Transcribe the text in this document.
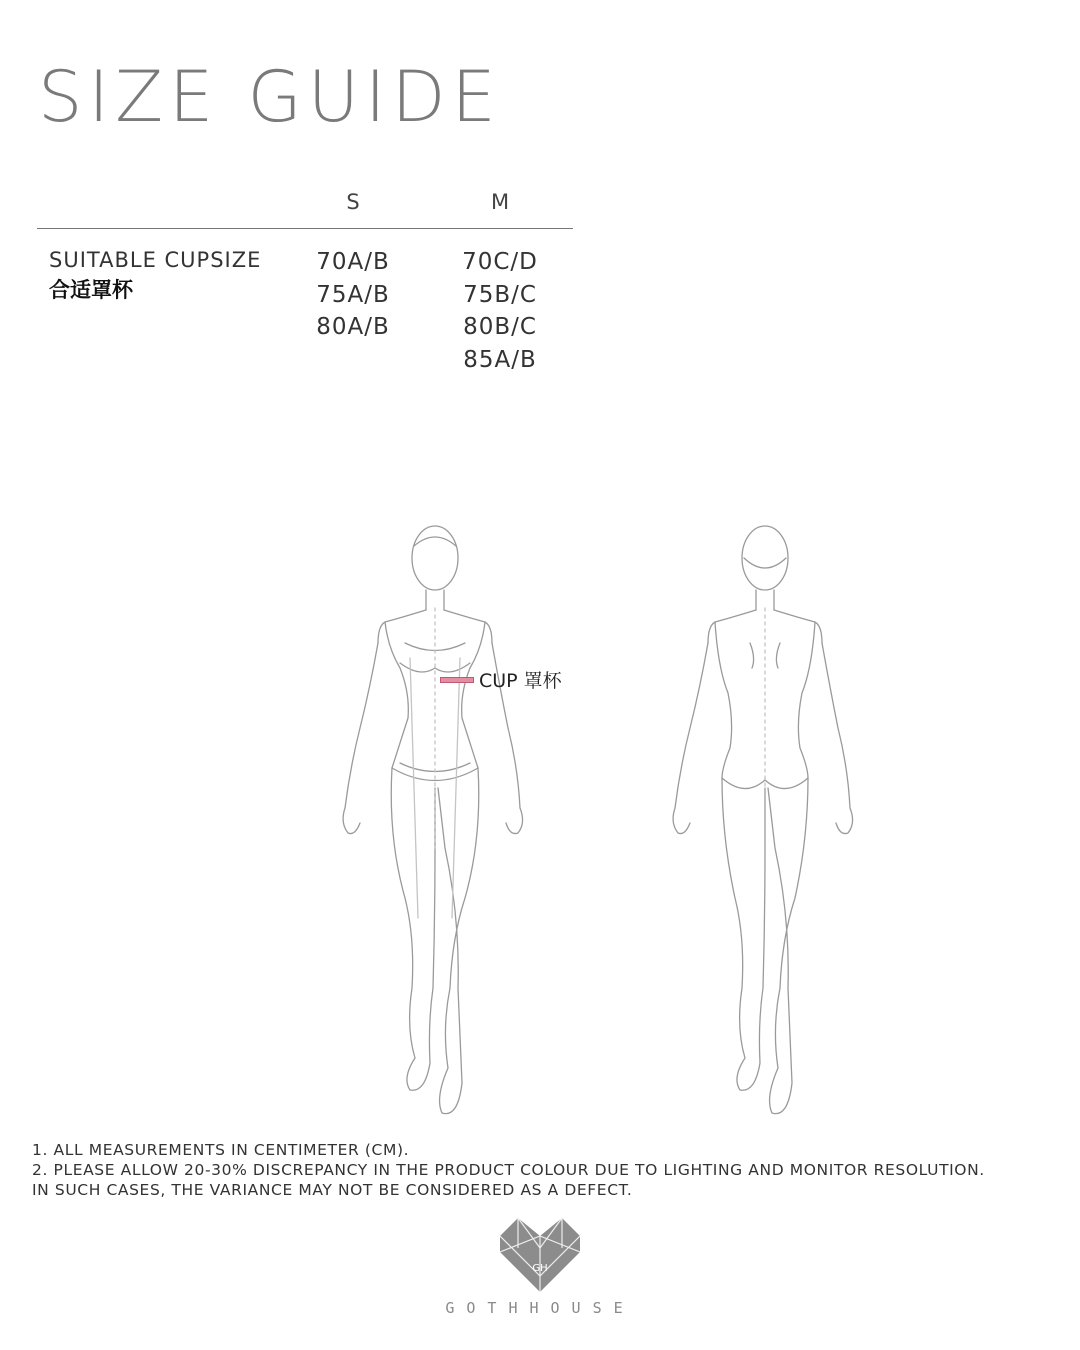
SIZE GUIDE
S	M
SUITABLE CUPSIZE
合适罩杯
70A/B
75A/B
80A/B
70C/D
75B/C
80B/C
85A/B
CUP 罩杯
1. ALL MEASUREMENTS IN CENTIMETER (CM).
2. PLEASE ALLOW 20-30% DISCREPANCY IN THE PRODUCT COLOUR DUE TO LIGHTING AND MONITOR RESOLUTION.
IN SUCH CASES, THE VARIANCE MAY NOT BE CONSIDERED AS A DEFECT.
GH
GOTHHOUSE
